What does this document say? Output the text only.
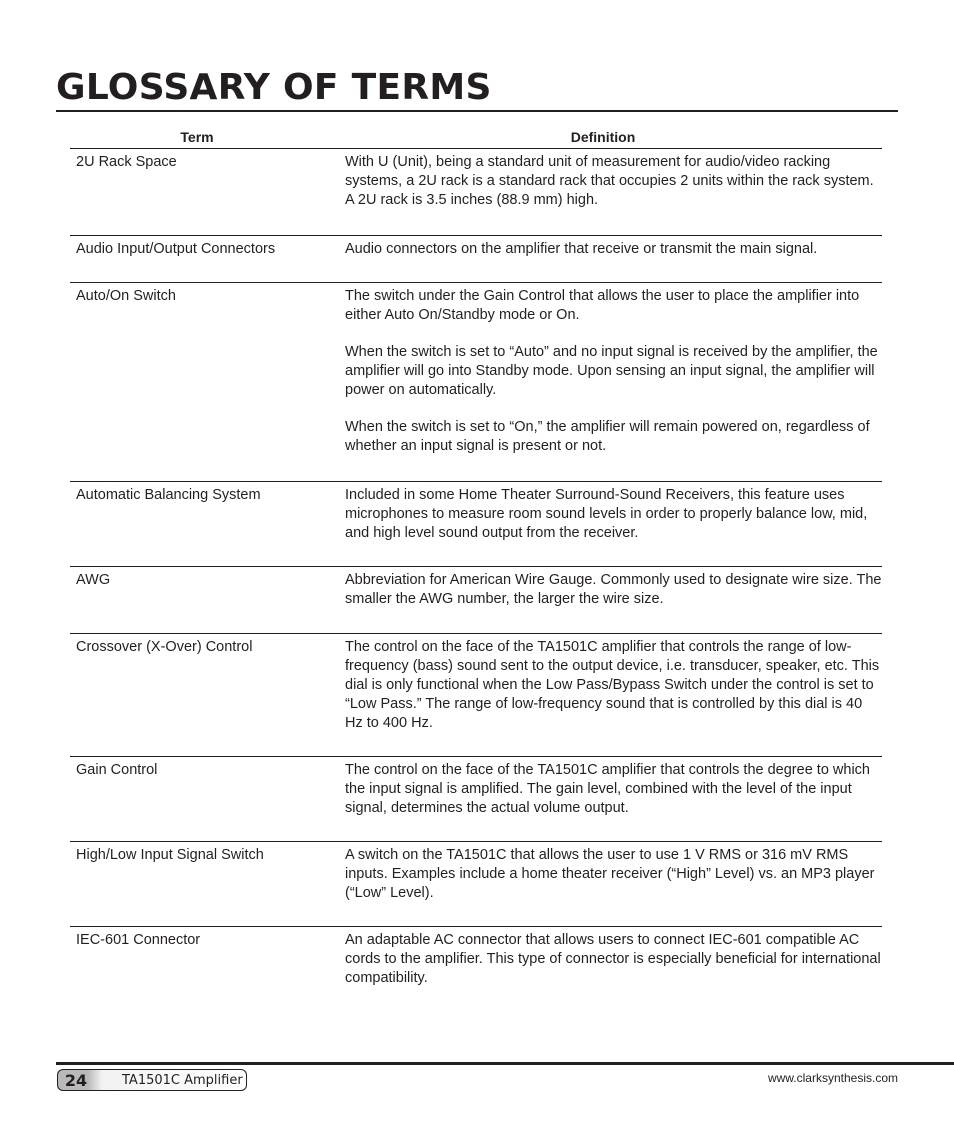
GLOSSARY OF TERMS
Term	Definition
2U Rack Space	With U (Unit), being a standard unit of measurement for audio/video racking systems, a 2U rack is a standard rack that occupies 2 units within the rack system. A 2U rack is 3.5 inches (88.9 mm) high.

Audio Input/Output Connectors	Audio connectors on the amplifier that receive or transmit the main signal.

Auto/On Switch	The switch under the Gain Control that allows the user to place the amplifier into either Auto On/Standby mode or On.

When the switch is set to “Auto” and no input signal is received by the amplifier, the amplifier will go into Standby mode. Upon sensing an input signal, the amplifier will power on automatically.

When the switch is set to “On,” the amplifier will remain powered on, regardless of whether an input signal is present or not.

Automatic Balancing System	Included in some Home Theater Surround-Sound Receivers, this feature uses microphones to measure room sound levels in order to properly balance low, mid, and high level sound output from the receiver.

AWG	Abbreviation for American Wire Gauge. Commonly used to designate wire size. The smaller the AWG number, the larger the wire size.

Crossover (X-Over) Control	The control on the face of the TA1501C amplifier that controls the range of low-frequency (bass) sound sent to the output device, i.e. transducer, speaker, etc. This dial is only functional when the Low Pass/Bypass Switch under the control is set to “Low Pass.” The range of low-frequency sound that is controlled by this dial is 40 Hz to 400 Hz.

Gain Control	The control on the face of the TA1501C amplifier that controls the degree to which the input signal is amplified. The gain level, combined with the level of the input signal, determines the actual volume output.

High/Low Input Signal Switch	A switch on the TA1501C that allows the user to use 1 V RMS or 316 mV RMS inputs. Examples include a home theater receiver (“High” Level) vs. an MP3 player (“Low” Level).

IEC-601 Connector	An adaptable AC connector that allows users to connect IEC-601 compatible AC cords to the amplifier. This type of connector is especially beneficial for international compatibility.

24	TA1501C Amplifier	www.clarksynthesis.com
